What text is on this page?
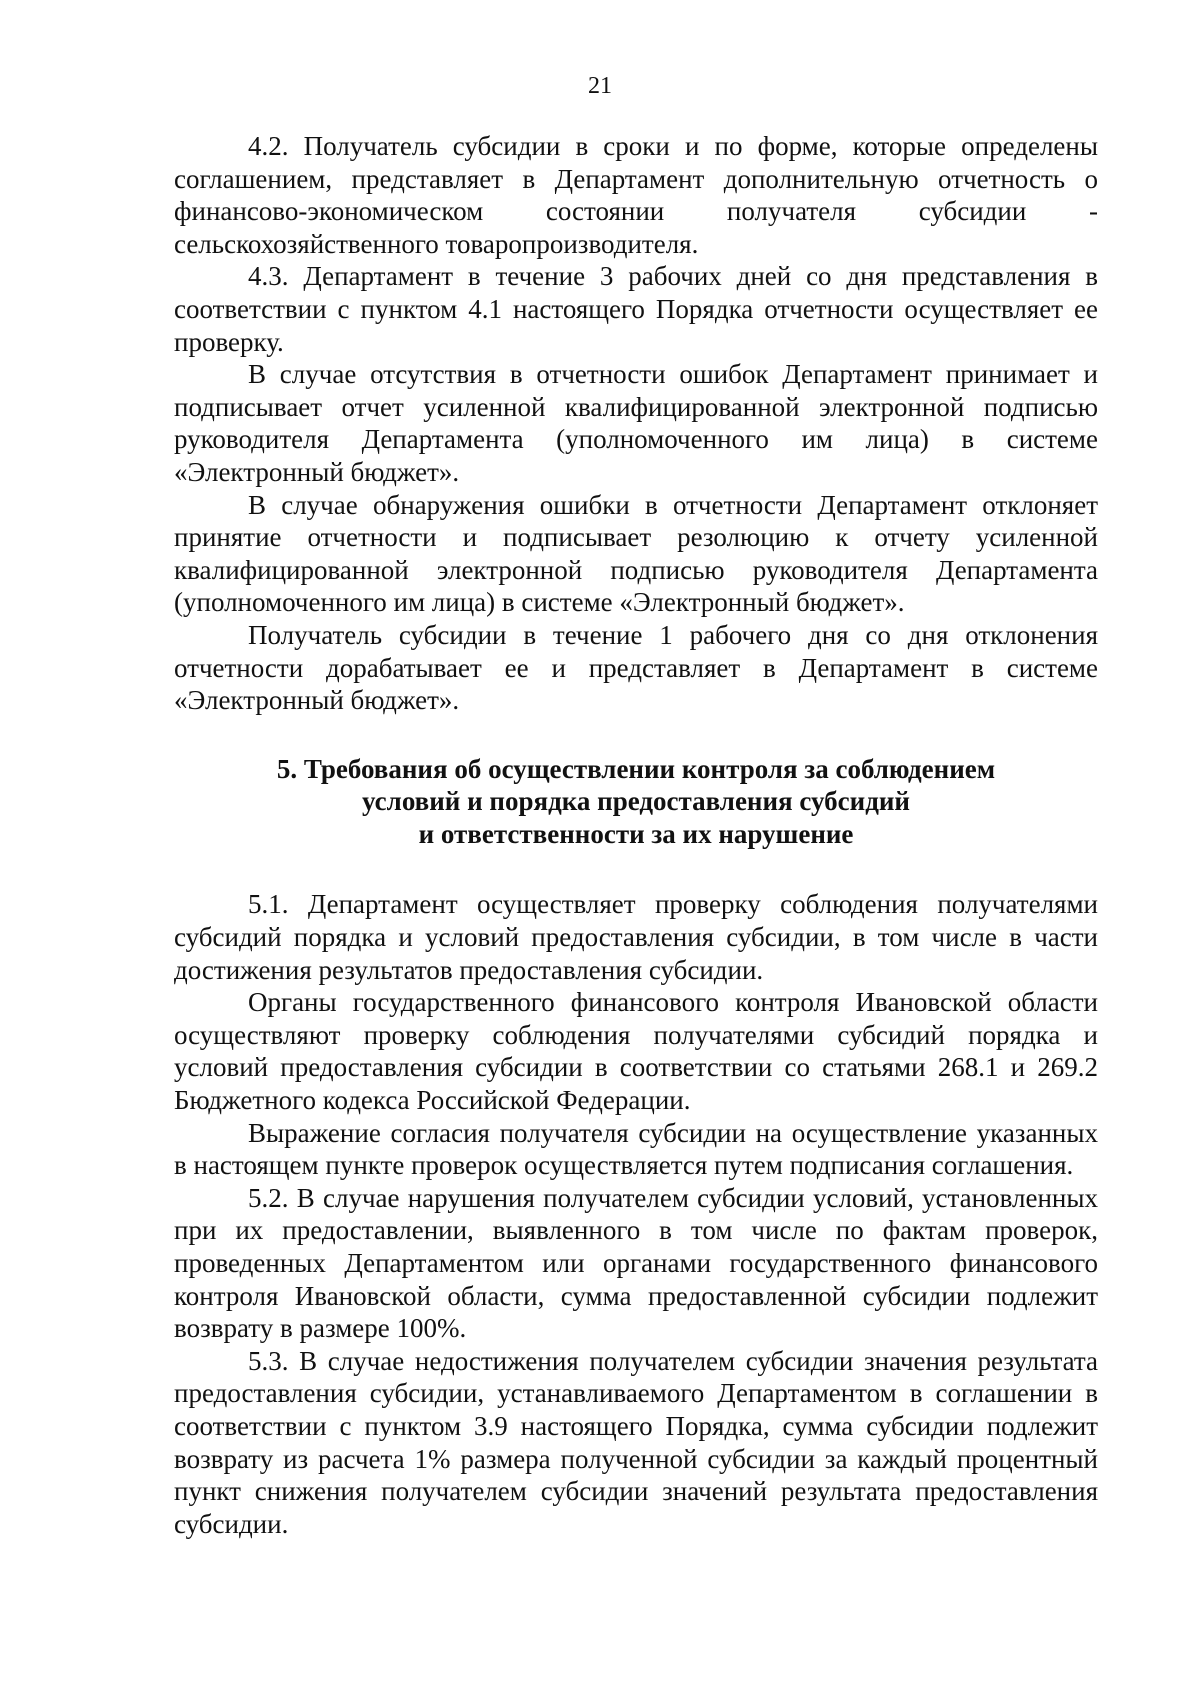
21

4.2. Получатель субсидии в сроки и по форме, которые определены соглашением, представляет в Департамент дополнительную отчетность о финансово-экономическом состоянии получателя субсидии - сельскохозяйственного товаропроизводителя.

4.3. Департамент в течение 3 рабочих дней со дня представления в соответствии с пунктом 4.1 настоящего Порядка отчетности осуществляет ее проверку.

В случае отсутствия в отчетности ошибок Департамент принимает и подписывает отчет усиленной квалифицированной электронной подписью руководителя Департамента (уполномоченного им лица) в системе «Электронный бюджет».

В случае обнаружения ошибки в отчетности Департамент отклоняет принятие отчетности и подписывает резолюцию к отчету усиленной квалифицированной электронной подписью руководителя Департамента (уполномоченного им лица) в системе «Электронный бюджет».

Получатель субсидии в течение 1 рабочего дня со дня отклонения отчетности дорабатывает ее и представляет в Департамент в системе «Электронный бюджет».

5. Требования об осуществлении контроля за соблюдением
условий и порядка предоставления субсидий
и ответственности за их нарушение

5.1. Департамент осуществляет проверку соблюдения получателями субсидий порядка и условий предоставления субсидии, в том числе в части достижения результатов предоставления субсидии.

Органы государственного финансового контроля Ивановской области осуществляют проверку соблюдения получателями субсидий порядка и условий предоставления субсидии в соответствии со статьями 268.1 и 269.2 Бюджетного кодекса Российской Федерации.

Выражение согласия получателя субсидии на осуществление указанных в настоящем пункте проверок осуществляется путем подписания соглашения.

5.2. В случае нарушения получателем субсидии условий, установленных при их предоставлении, выявленного в том числе по фактам проверок, проведенных Департаментом или органами государственного финансового контроля Ивановской области, сумма предоставленной субсидии подлежит возврату в размере 100%.

5.3. В случае недостижения получателем субсидии значения результата предоставления субсидии, устанавливаемого Департаментом в соглашении в соответствии с пунктом 3.9 настоящего Порядка, сумма субсидии подлежит возврату из расчета 1% размера полученной субсидии за каждый процентный пункт снижения получателем субсидии значений результата предоставления субсидии.
